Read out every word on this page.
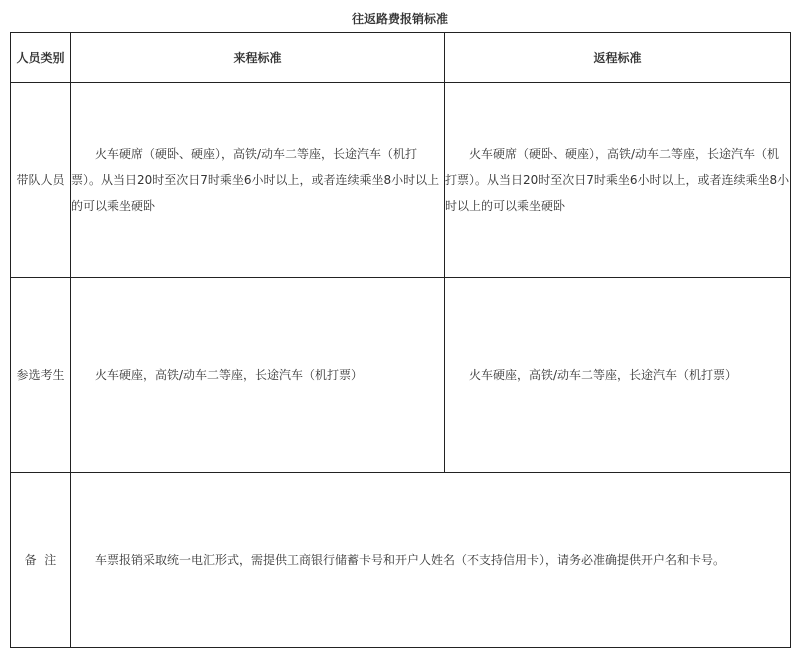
往返路费报销标准
人员类别	来程标准	返程标准
带队人员	火车硬席（硬卧、硬座），高铁/动车二等座，长途汽车（机打票）。从当日20时至次日7时乘坐6小时以上，或者连续乘坐8小时以上的可以乘坐硬卧	火车硬席（硬卧、硬座），高铁/动车二等座，长途汽车（机打票）。从当日20时至次日7时乘坐6小时以上，或者连续乘坐8小时以上的可以乘坐硬卧
参选考生	火车硬座，高铁/动车二等座，长途汽车（机打票）	火车硬座，高铁/动车二等座，长途汽车（机打票）
备  注	车票报销采取统一电汇形式，需提供工商银行储蓄卡号和开户人姓名（不支持信用卡），请务必准确提供开户名和卡号。	
